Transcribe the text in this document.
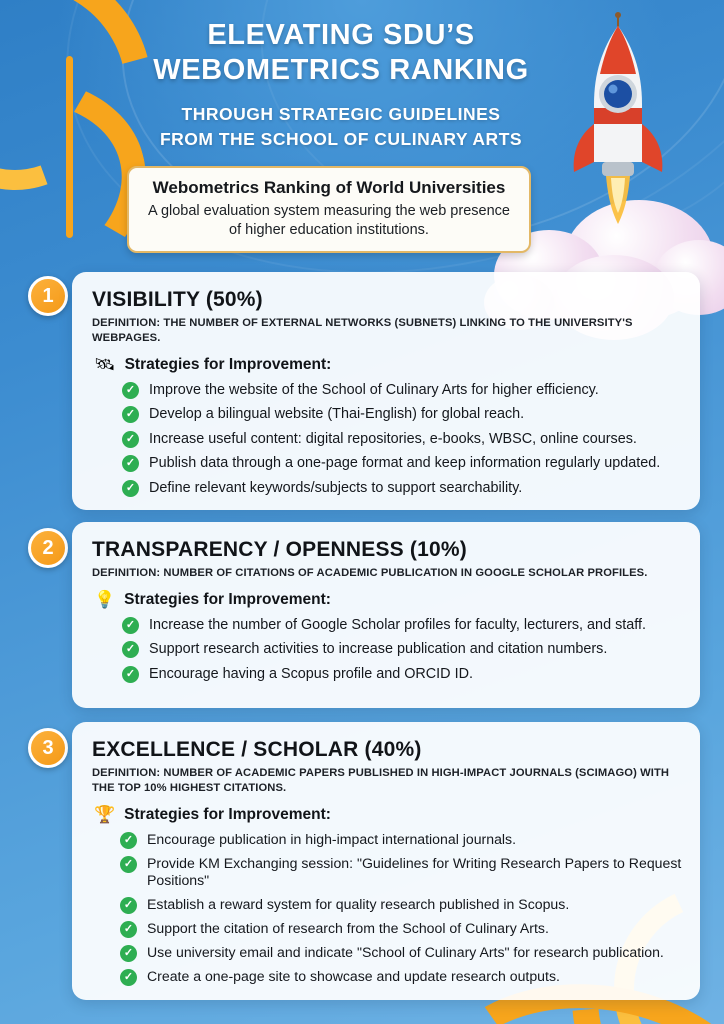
ELEVATING SDU’S
WEBOMETRICS RANKING
THROUGH STRATEGIC GUIDELINES
FROM THE SCHOOL OF CULINARY ARTS
Webometrics Ranking of World Universities
A global evaluation system measuring the web presence of higher education institutions.
1	VISIBILITY (50%)
DEFINITION: THE NUMBER OF EXTERNAL NETWORKS (SUBNETS) LINKING TO THE UNIVERSITY'S WEBPAGES.
🛰 Strategies for Improvement:
✓ Improve the website of the School of Culinary Arts for higher efficiency.
✓ Develop a bilingual website (Thai-English) for global reach.
✓ Increase useful content: digital repositories, e-books, WBSC, online courses.
✓ Publish data through a one-page format and keep information regularly updated.
✓ Define relevant keywords/subjects to support searchability.
2	TRANSPARENCY / OPENNESS (10%)
DEFINITION: NUMBER OF CITATIONS OF ACADEMIC PUBLICATION IN GOOGLE SCHOLAR PROFILES.
💡 Strategies for Improvement:
✓ Increase the number of Google Scholar profiles for faculty, lecturers, and staff.
✓ Support research activities to increase publication and citation numbers.
✓ Encourage having a Scopus profile and ORCID ID.
3	EXCELLENCE / SCHOLAR (40%)
DEFINITION: NUMBER OF ACADEMIC PAPERS PUBLISHED IN HIGH-IMPACT JOURNALS (SCIMAGO) WITH THE TOP 10% HIGHEST CITATIONS.
🏆 Strategies for Improvement:
✓ Encourage publication in high-impact international journals.
✓ Provide KM Exchanging session: "Guidelines for Writing Research Papers to Request Positions"
✓ Establish a reward system for quality research published in Scopus.
✓ Support the citation of research from the School of Culinary Arts.
✓ Use university email and indicate "School of Culinary Arts" for research publication.
✓ Create a one-page site to showcase and update research outputs.
